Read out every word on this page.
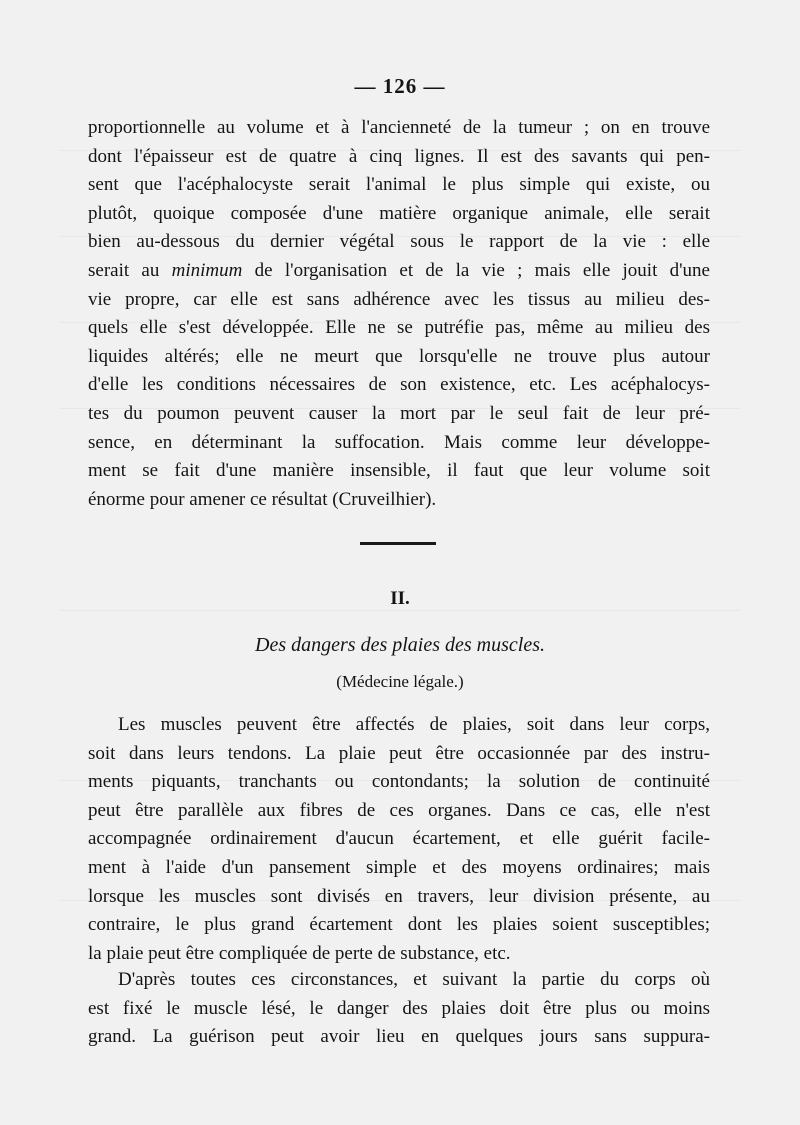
— 126 —
proportionnelle au volume et à l'ancienneté de la tumeur ; on en trouve
dont l'épaisseur est de quatre à cinq lignes. Il est des savants qui pen-
sent que l'acéphalocyste serait l'animal le plus simple qui existe, ou
plutôt, quoique composée d'une matière organique animale, elle serait
bien au-dessous du dernier végétal sous le rapport de la vie : elle
serait au minimum de l'organisation et de la vie ; mais elle jouit d'une
vie propre, car elle est sans adhérence avec les tissus au milieu des-
quels elle s'est développée. Elle ne se putréfie pas, même au milieu des
liquides altérés; elle ne meurt que lorsqu'elle ne trouve plus autour
d'elle les conditions nécessaires de son existence, etc. Les acéphalocys-
tes du poumon peuvent causer la mort par le seul fait de leur pré-
sence, en déterminant la suffocation. Mais comme leur développe-
ment se fait d'une manière insensible, il faut que leur volume soit
énorme pour amener ce résultat (Cruveilhier).
II.
Des dangers des plaies des muscles.
(Médecine légale.)
Les muscles peuvent être affectés de plaies, soit dans leur corps,
soit dans leurs tendons. La plaie peut être occasionnée par des instru-
ments piquants, tranchants ou contondants; la solution de continuité
peut être parallèle aux fibres de ces organes. Dans ce cas, elle n'est
accompagnée ordinairement d'aucun écartement, et elle guérit facile-
ment à l'aide d'un pansement simple et des moyens ordinaires; mais
lorsque les muscles sont divisés en travers, leur division présente, au
contraire, le plus grand écartement dont les plaies soient susceptibles;
la plaie peut être compliquée de perte de substance, etc.
D'après toutes ces circonstances, et suivant la partie du corps où
est fixé le muscle lésé, le danger des plaies doit être plus ou moins
grand. La guérison peut avoir lieu en quelques jours sans suppura-
